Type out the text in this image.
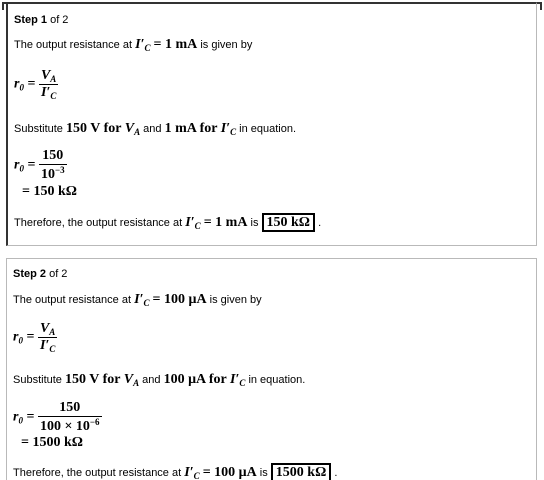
Step 1 of 2
The output resistance at $I'_C = 1$ mA is given by
$r_0 = \frac{V_A}{I'_C}$
Substitute 150 V for $V_A$ and 1 mA for $I'_C$ in equation.
$r_0 = \frac{150}{10^{-3}}$
= 150 kΩ
Therefore, the output resistance at $I'_C = 1$ mA is 150 kΩ .
Step 2 of 2
The output resistance at $I'_C = 100$ μA is given by
$r_0 = \frac{V_A}{I'_C}$
Substitute 150 V for $V_A$ and 100 μA for $I'_C$ in equation.
$r_0 = \frac{150}{100 \times 10^{-6}}$
= 1500 kΩ
Therefore, the output resistance at $I'_C = 100$ μA is 1500 kΩ .
